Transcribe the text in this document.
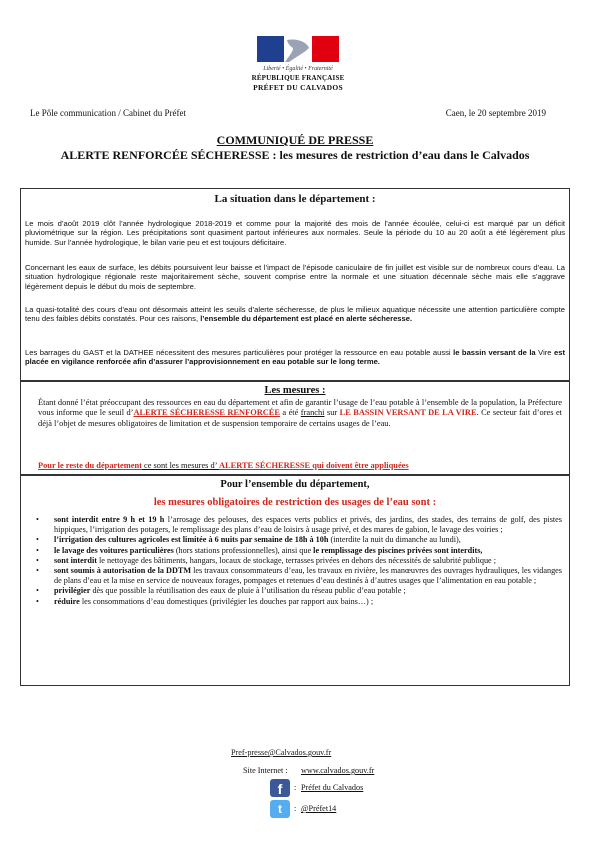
Liberté • Égalité • Fraternité
RÉPUBLIQUE FRANÇAISE
PRÉFET DU CALVADOS
Le Pôle communication / Cabinet du Préfet	Caen, le 20 septembre 2019
COMMUNIQUÉ DE PRESSE
ALERTE RENFORCÉE SÉCHERESSE : les mesures de restriction d’eau dans le Calvados
La situation dans le département :
Le mois d’août 2019 clôt l’année hydrologique 2018-2019 et comme pour la majorité des mois de l’année écoulée, celui-ci est marqué par un déficit pluviométrique sur la région. Les précipitations sont quasiment partout inférieures aux normales. Seule la période du 10 au 20 août a été légèrement plus humide. Sur l’année hydrologique, le bilan varie peu et est toujours déficitaire.
Concernant les eaux de surface, les débits poursuivent leur baisse et l’impact de l’épisode caniculaire de fin juillet est visible sur de nombreux cours d’eau. La situation hydrologique régionale reste majoritairement sèche, souvent comprise entre la normale et une situation décennale sèche mais elle s’aggrave légèrement depuis le début du mois de septembre.
La quasi-totalité des cours d’eau ont désormais atteint les seuils d’alerte sécheresse, de plus le milieux aquatique nécessite une attention particulière compte tenu des faibles débits constatés. Pour ces raisons, l’ensemble du département est placé en alerte sécheresse.
Les barrages du GAST et la DATHEE nécessitent des mesures particulières pour protéger la ressource en eau potable aussi le bassin versant de la Vire est placée en vigilance renforcée afin d’assurer l’approvisionnement en eau potable sur le long terme.
Les mesures :
Étant donné l’état préoccupant des ressources en eau du département et afin de garantir l’usage de l’eau potable à l’ensemble de la population, la Préfecture vous informe que le seuil d’ALERTE SÉCHERESSE RENFORCÉE a été franchi sur LE BASSIN VERSANT DE LA VIRE. Ce secteur fait d’ores et déjà l’objet de mesures obligatoires de limitation et de suspension temporaire de certains usages de l’eau.
Pour le reste du département ce sont les mesures d’ ALERTE SÉCHERESSE qui doivent être appliquées
Pour l’ensemble du département,
les mesures obligatoires de restriction des usages de l’eau sont :
• sont interdit entre 9 h et 19 h l’arrosage des pelouses, des espaces verts publics et privés, des jardins, des stades, des terrains de golf, des pistes hippiques, l’irrigation des potagers, le remplissage des plans d’eau de loisirs à usage privé, et des mares de gabion, le lavage des voiries ;
• l’irrigation des cultures agricoles est limitée à 6 nuits par semaine de 18h à 10h (interdite la nuit du dimanche au lundi),
• le lavage des voitures particulières (hors stations professionnelles), ainsi que le remplissage des piscines privées sont interdits,
• sont interdit le nettoyage des bâtiments, hangars, locaux de stockage, terrasses privées en dehors des nécessités de salubrité publique ;
• sont soumis à autorisation de la DDTM les travaux consommateurs d’eau, les travaux en rivière, les manœuvres des ouvrages hydrauliques, les vidanges de plans d’eau et la mise en service de nouveaux forages, pompages et retenues d’eau destinés à d’autres usages que l’alimentation en eau potable ;
• privilégier dès que possible la réutilisation des eaux de pluie à l’utilisation du réseau public d’eau potable ;
• réduire les consommations d’eau domestiques (privilégier les douches par rapport aux bains…) ;
Pref-presse@Calvados.gouv.fr
Site Internet : www.calvados.gouv.fr
f	: Préfet du Calvados
t	: @Préfet14
